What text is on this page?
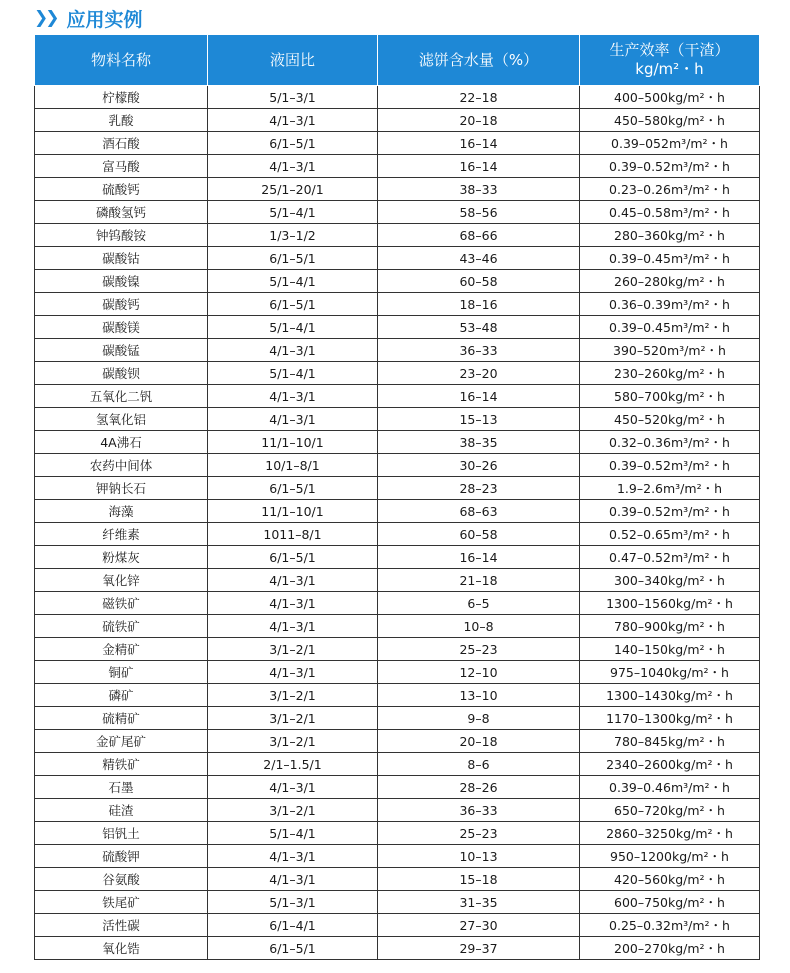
❯❯ 应用实例
物料名称	液固比	滤饼含水量（%）	生产效率（干渣）
kg/m²・h
柠檬酸	5/1–3/1	22–18	400–500kg/m²・h
乳酸	4/1–3/1	20–18	450–580kg/m²・h
酒石酸	6/1–5/1	16–14	0.39–052m³/m²・h
富马酸	4/1–3/1	16–14	0.39–0.52m³/m²・h
硫酸钙	25/1–20/1	38–33	0.23–0.26m³/m²・h
磷酸氢钙	5/1–4/1	58–56	0.45–0.58m³/m²・h
钟钨酸铵	1/3–1/2	68–66	280–360kg/m²・h
碳酸钴	6/1–5/1	43–46	0.39–0.45m³/m²・h
碳酸镍	5/1–4/1	60–58	260–280kg/m²・h
碳酸钙	6/1–5/1	18–16	0.36–0.39m³/m²・h
碳酸镁	5/1–4/1	53–48	0.39–0.45m³/m²・h
碳酸锰	4/1–3/1	36–33	390–520m³/m²・h
碳酸钡	5/1–4/1	23–20	230–260kg/m²・h
五氧化二钒	4/1–3/1	16–14	580–700kg/m²・h
氢氧化铝	4/1–3/1	15–13	450–520kg/m²・h
4A沸石	11/1–10/1	38–35	0.32–0.36m³/m²・h
农药中间体	10/1–8/1	30–26	0.39–0.52m³/m²・h
钾钠长石	6/1–5/1	28–23	1.9–2.6m³/m²・h
海藻	11/1–10/1	68–63	0.39–0.52m³/m²・h
纤维素	1011–8/1	60–58	0.52–0.65m³/m²・h
粉煤灰	6/1–5/1	16–14	0.47–0.52m³/m²・h
氧化锌	4/1–3/1	21–18	300–340kg/m²・h
磁铁矿	4/1–3/1	6–5	1300–1560kg/m²・h
硫铁矿	4/1–3/1	10–8	780–900kg/m²・h
金精矿	3/1–2/1	25–23	140–150kg/m²・h
铜矿	4/1–3/1	12–10	975–1040kg/m²・h
磷矿	3/1–2/1	13–10	1300–1430kg/m²・h
硫精矿	3/1–2/1	9–8	1170–1300kg/m²・h
金矿尾矿	3/1–2/1	20–18	780–845kg/m²・h
精铁矿	2/1–1.5/1	8–6	2340–2600kg/m²・h
石墨	4/1–3/1	28–26	0.39–0.46m³/m²・h
硅渣	3/1–2/1	36–33	650–720kg/m²・h
铝钒土	5/1–4/1	25–23	2860–3250kg/m²・h
硫酸钾	4/1–3/1	10–13	950–1200kg/m²・h
谷氨酸	4/1–3/1	15–18	420–560kg/m²・h
铁尾矿	5/1–3/1	31–35	600–750kg/m²・h
活性碳	6/1–4/1	27–30	0.25–0.32m³/m²・h
氧化锆	6/1–5/1	29–37	200–270kg/m²・h
